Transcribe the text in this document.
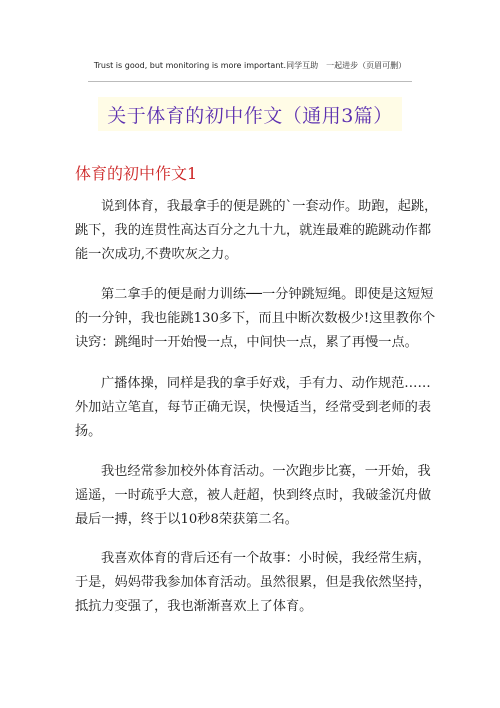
Trust is good, but monitoring is more important.同学互助　一起进步（页眉可删）
关于体育的初中作文（通用3篇）
体育的初中作文1
说到体育，我最拿手的便是跳的`一套动作。助跑，起跳，
跳下，我的连贯性高达百分之九十九，就连最难的跪跳动作都
能一次成功,不费吹灰之力。
第二拿手的便是耐力训练──一分钟跳短绳。即使是这短短
的一分钟，我也能跳130多下，而且中断次数极少!这里教你个
诀窍：跳绳时一开始慢一点，中间快一点，累了再慢一点。
广播体操，同样是我的拿手好戏，手有力、动作规范……
外加站立笔直，每节正确无误，快慢适当，经常受到老师的表
扬。
我也经常参加校外体育活动。一次跑步比赛，一开始，我
遥遥，一时疏乎大意，被人赶超，快到终点时，我破釜沉舟做
最后一搏，终于以10秒8荣获第二名。
我喜欢体育的背后还有一个故事：小时候，我经常生病，
于是，妈妈带我参加体育活动。虽然很累，但是我依然坚持，
抵抗力变强了，我也渐渐喜欢上了体育。
